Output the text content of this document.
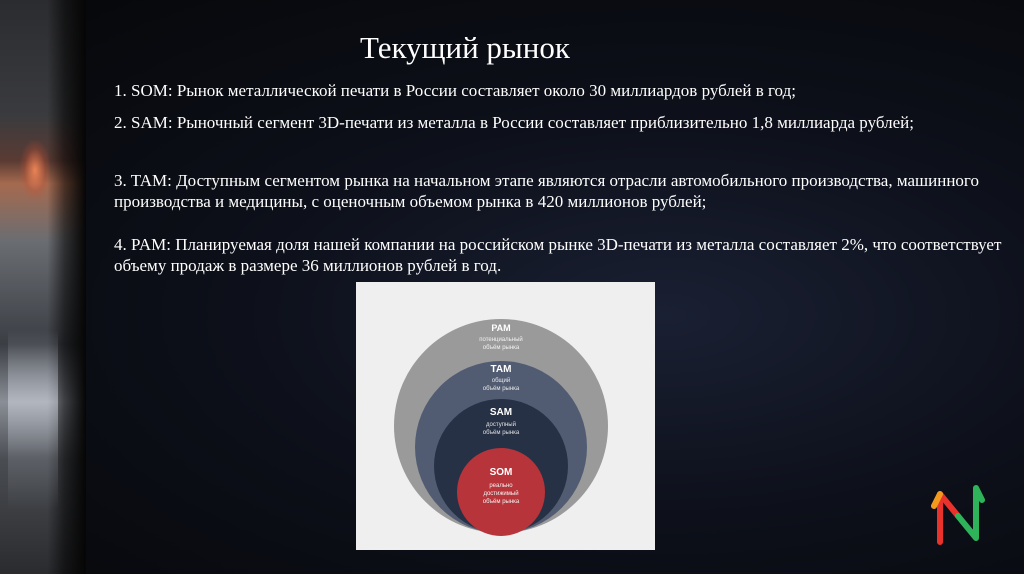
Текущий рынок
1. SOM: Рынок металлической печати в России составляет около 30 миллиардов рублей в год;
2. SAM: Рыночный сегмент 3D-печати из металла в России составляет приблизительно 1,8 миллиарда рублей;
3. TAM: Доступным сегментом рынка на начальном этапе являются отрасли автомобильного производства, машинного производства и медицины, с оценочным объемом рынка в 420 миллионов рублей;
4. PAM: Планируемая доля нашей компании на российском рынке 3D-печати из металла составляет 2%, что соответствует объему продаж в размере 36 миллионов рублей в год.
PAM
потенциальный
объём рынка
TAM
общий
объём рынка
SAM
доступный
объём рынка
SOM
реально
достижимый
объём рынка
